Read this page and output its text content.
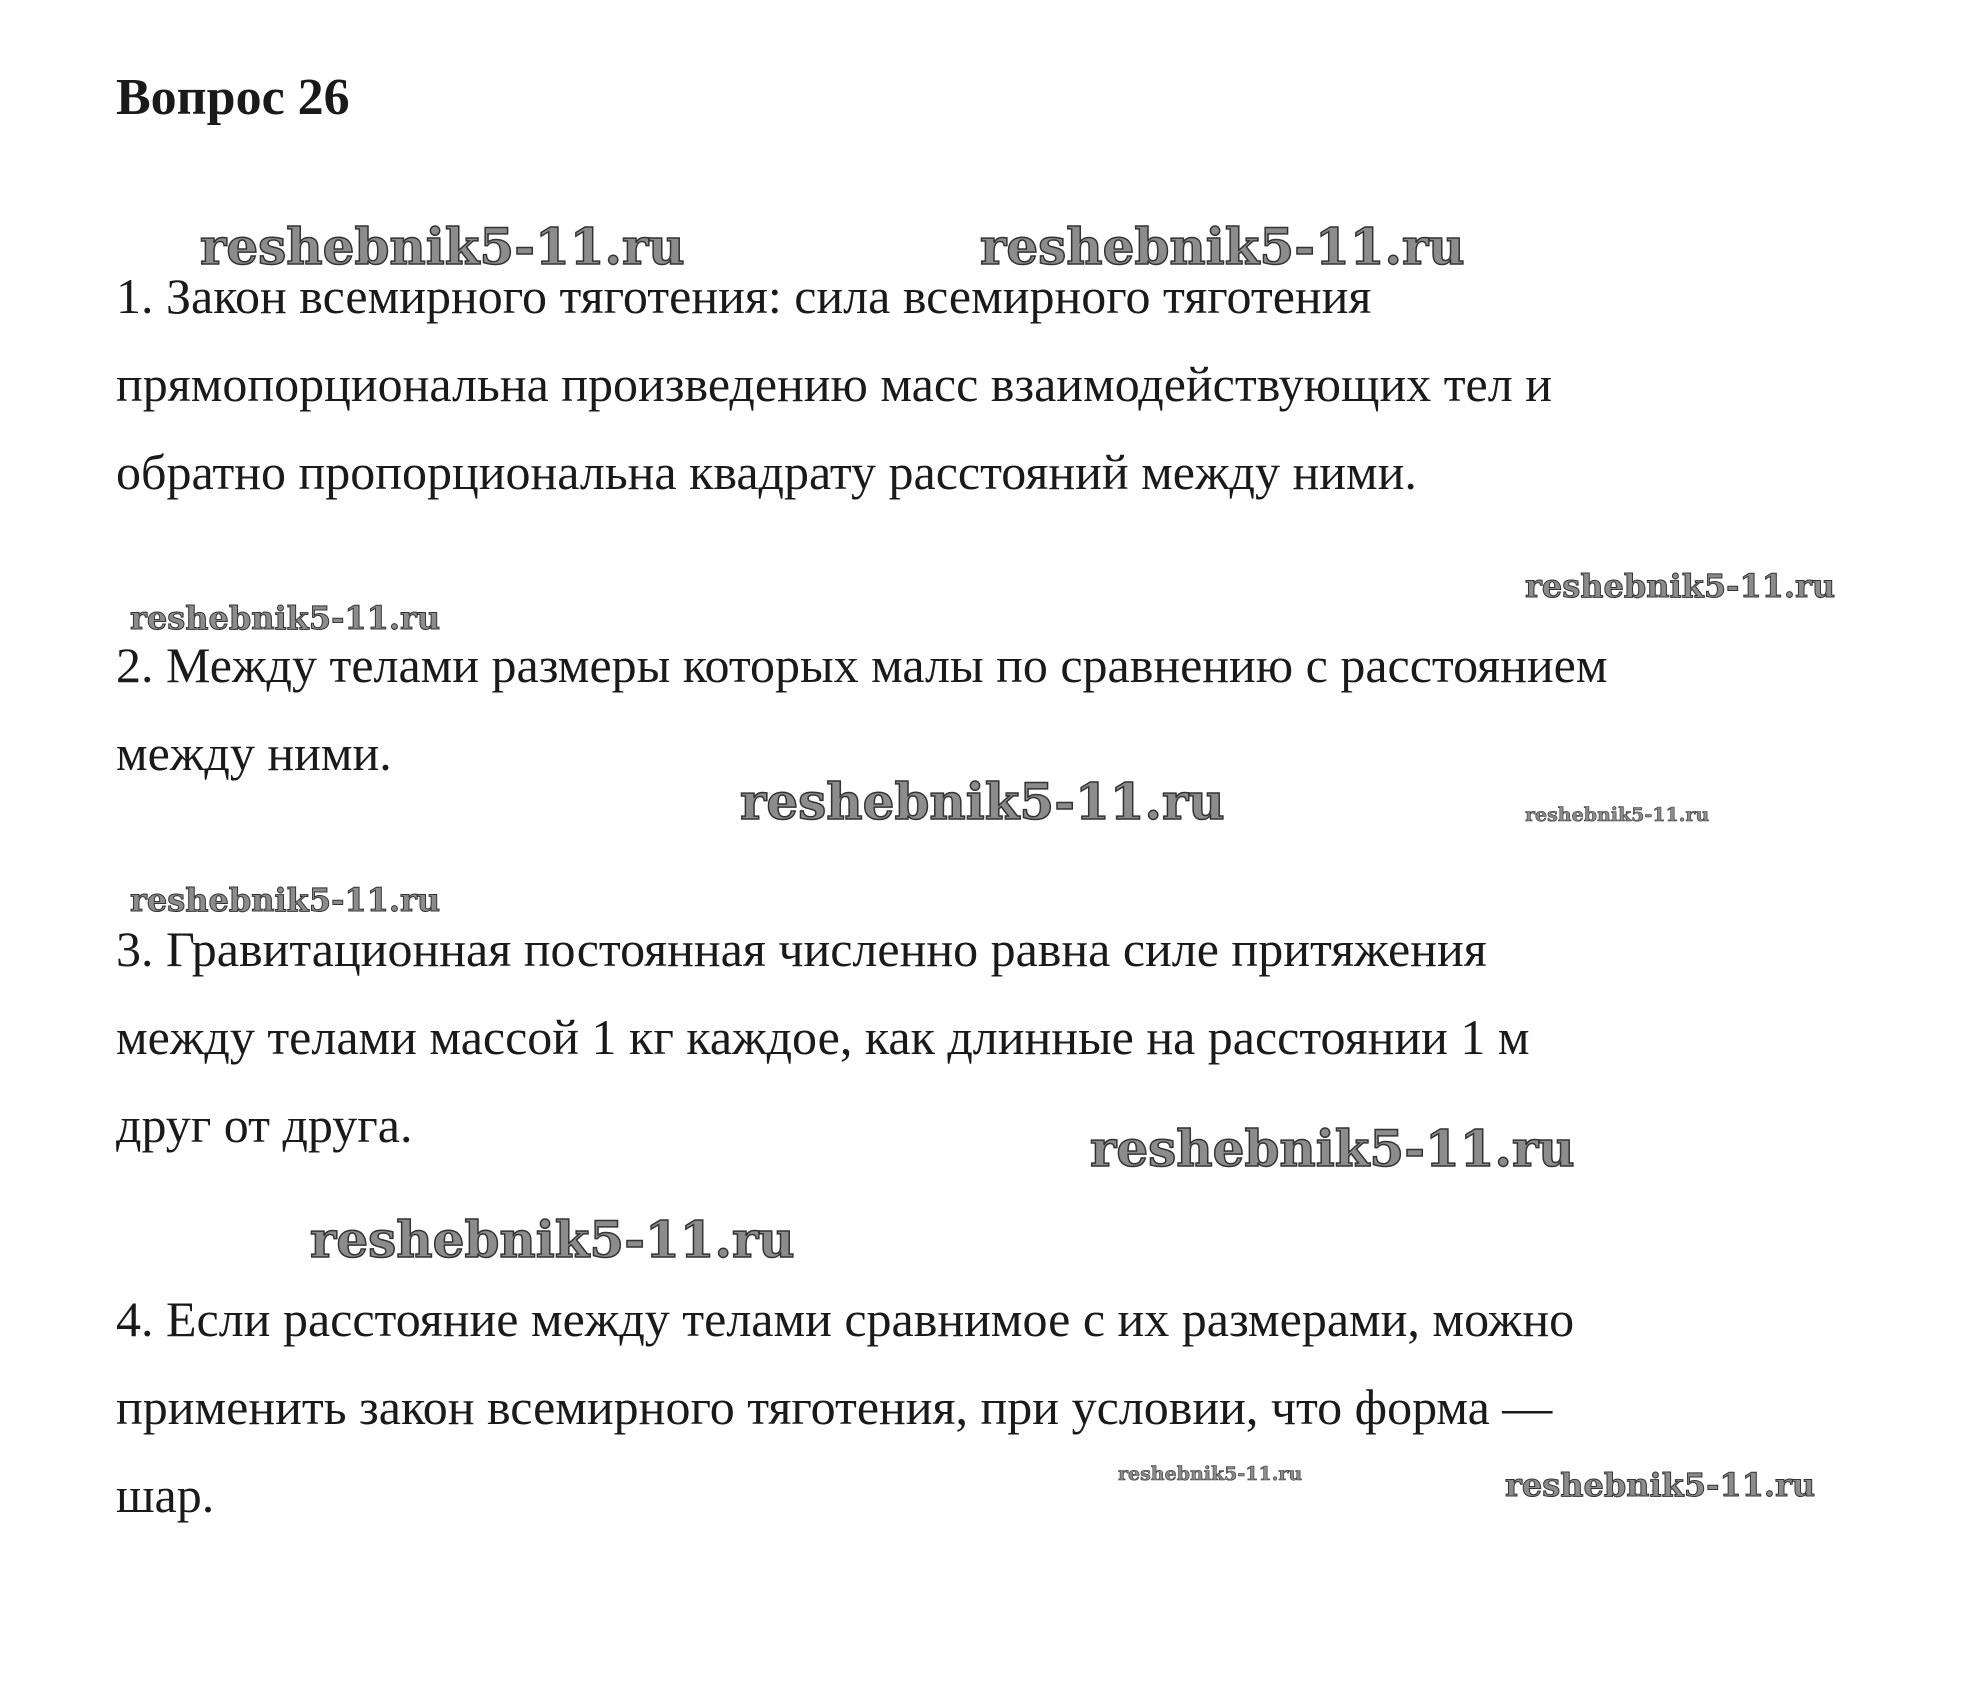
Вопрос 26
1. Закон всемирного тяготения: сила всемирного тяготения
прямопорциональна произведению масс взаимодействующих тел и
обратно пропорциональна квадрату расстояний между ними.
2. Между телами размеры которых малы по сравнению с расстоянием
между ними.
3. Гравитационная постоянная численно равна силе притяжения
между телами массой 1 кг каждое, как длинные на расстоянии 1 м
друг от друга.
4. Если расстояние между телами сравнимое с их размерами, можно
применить закон всемирного тяготения, при условии, что форма —
шар.
reshebnik5-11.ru	reshebnik5-11.ru
reshebnik5-11.ru
reshebnik5-11.ru
reshebnik5-11.ru	reshebnik5-11.ru
reshebnik5-11.ru
reshebnik5-11.ru
reshebnik5-11.ru
reshebnik5-11.ru	reshebnik5-11.ru
